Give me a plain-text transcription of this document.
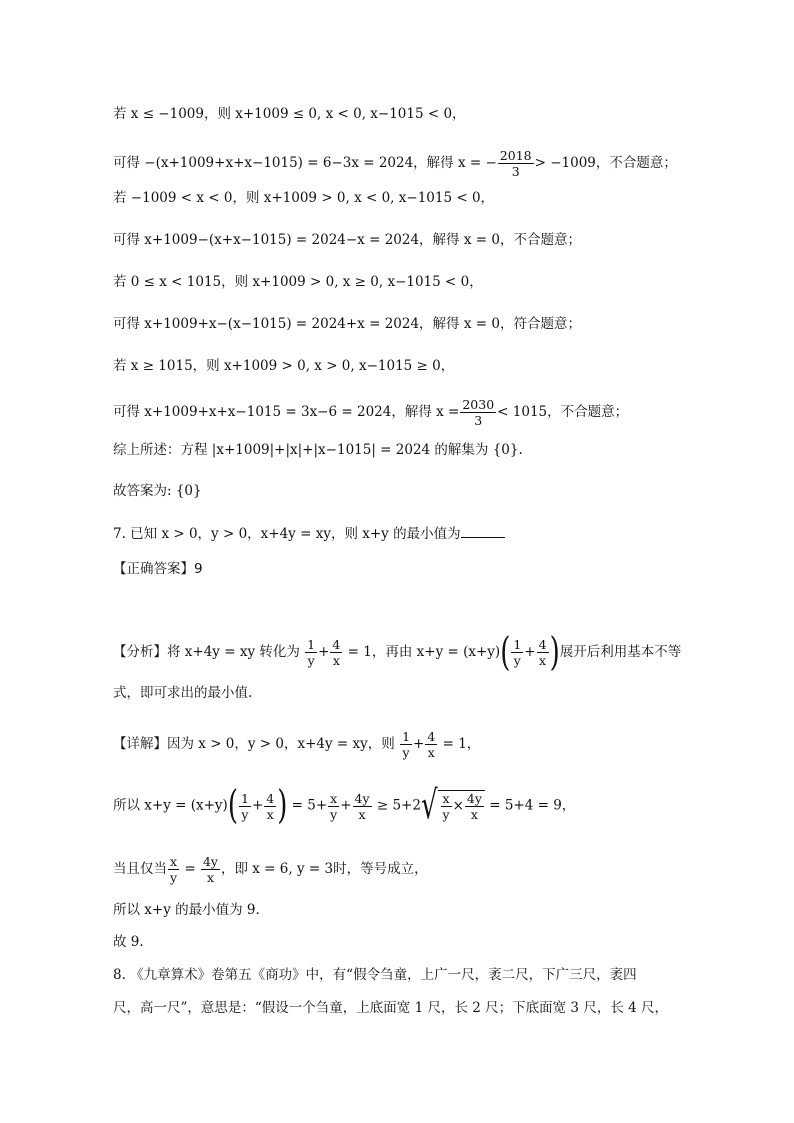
若 x ≤ −1009，则 x+1009 ≤ 0, x < 0, x−1015 < 0，
可得 −(x+1009+x+x−1015) = 6−3x = 2024，解得 x = − $\frac{2018}{3} > -1009$，不合题意；
若 −1009 < x < 0，则 x+1009 > 0, x < 0, x−1015 < 0，
可得 x+1009−(x+x−1015) = 2024−x = 2024，解得 x = 0，不合题意；
若 0 ≤ x < 1015，则 x+1009 > 0, x ≥ 0, x−1015 < 0，
可得 x+1009+x−(x−1015) = 2024+x = 2024，解得 x = 0，符合题意；
若 x ≥ 1015，则 x+1009 > 0, x > 0, x−1015 ≥ 0，
可得 x+1009+x+x−1015 = 3x−6 = 2024，解得 $x = \frac{2030}{3} < 1015$，不合题意；
综上所述：方程 |x+1009|+|x|+|x−1015| = 2024 的解集为 {0}.
故答案为: {0}
7. 已知 x > 0，y > 0，x+4y = xy，则 x+y 的最小值为
【正确答案】9
【分析】将 x+4y = xy 转化为 $\frac{1}{y} + \frac{4}{x} = 1$，再由 $x+y = (x+y)( \frac{1}{y} + \frac{4}{x}$ )展开后利用基本不等
式，即可求出的最小值.
【详解】因为 x > 0，y > 0，x+4y = xy，则 $\frac{1}{y} + \frac{4}{x} = 1$，
所以 $x+y = (x+y)( \frac{1}{y} + \frac{4}{x}$ ) = $5+ \frac{x}{y} + \frac{4y}{x} \ge 5+2√ \frac{x}{y} \times \frac{4y}{x} = 5+4 = 9$，
当且仅当 $\frac{x}{y} = \frac{4y}{x}$ ，即 x = 6, y = 3时，等号成立，
所以 x+y 的最小值为 9.
故 9.
8. 《九章算术》卷第五《商功》中，有“假令刍童，上广一尺，袤二尺，下广三尺，袤四
尺，高一尺”，意思是：“假设一个刍童，上底面宽 1 尺，长 2 尺；下底面宽 3 尺，长 4 尺，
